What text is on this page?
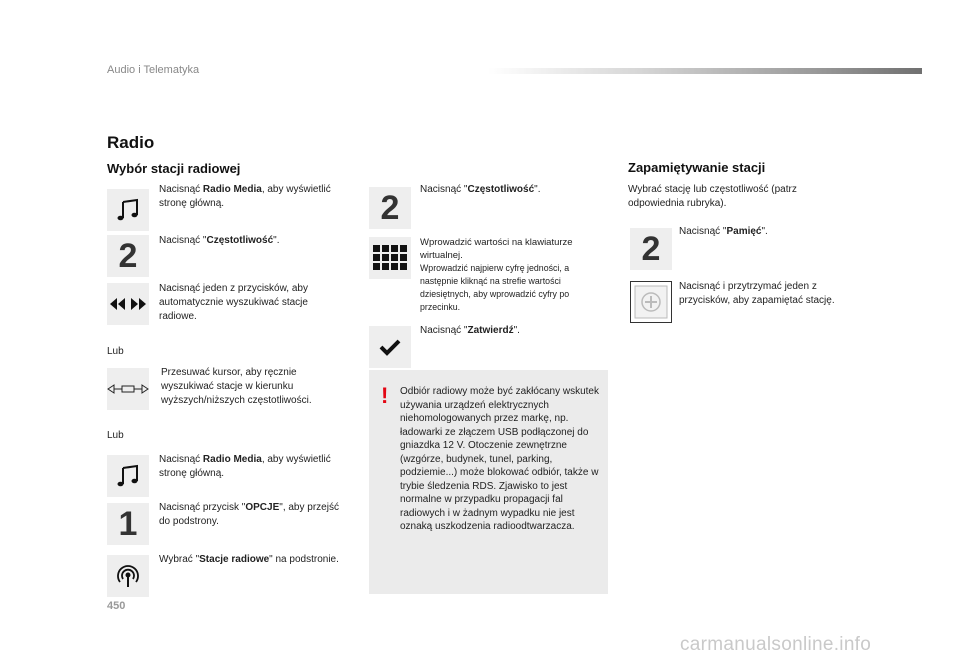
Audio i Telematyka
Radio
Wybór stacji radiowej
Nacisnąć Radio Media, aby wyświetlić stronę główną.
2 Nacisnąć "Częstotliwość".
Nacisnąć jeden z przycisków, aby automatycznie wyszukiwać stacje radiowe.
Lub
Przesuwać kursor, aby ręcznie wyszukiwać stacje w kierunku wyższych/niższych częstotliwości.
Lub
Nacisnąć Radio Media, aby wyświetlić stronę główną.
1 Nacisnąć przycisk "OPCJE", aby przejść do podstrony.
Wybrać "Stacje radiowe" na podstronie.
2 Nacisnąć "Częstotliwość".
Wprowadzić wartości na klawiaturze wirtualnej.
Wprowadzić najpierw cyfrę jedności, a następnie kliknąć na strefie wartości dziesiętnych, aby wprowadzić cyfry po przecinku.
Nacisnąć "Zatwierdź".
! Odbiór radiowy może być zakłócany wskutek używania urządzeń elektrycznych niehomologowanych przez markę, np. ładowarki ze złączem USB podłączonej do gniazdka 12 V. Otoczenie zewnętrzne (wzgórze, budynek, tunel, parking, podziemie...) może blokować odbiór, także w trybie śledzenia RDS. Zjawisko to jest normalne w przypadku propagacji fal radiowych i w żadnym wypadku nie jest oznaką uszkodzenia radioodtwarzacza.
Zapamiętywanie stacji
Wybrać stację lub częstotliwość (patrz odpowiednia rubryka).
2 Nacisnąć "Pamięć".
Nacisnąć i przytrzymać jeden z przycisków, aby zapamiętać stację.
450
carmanualsonline.info
